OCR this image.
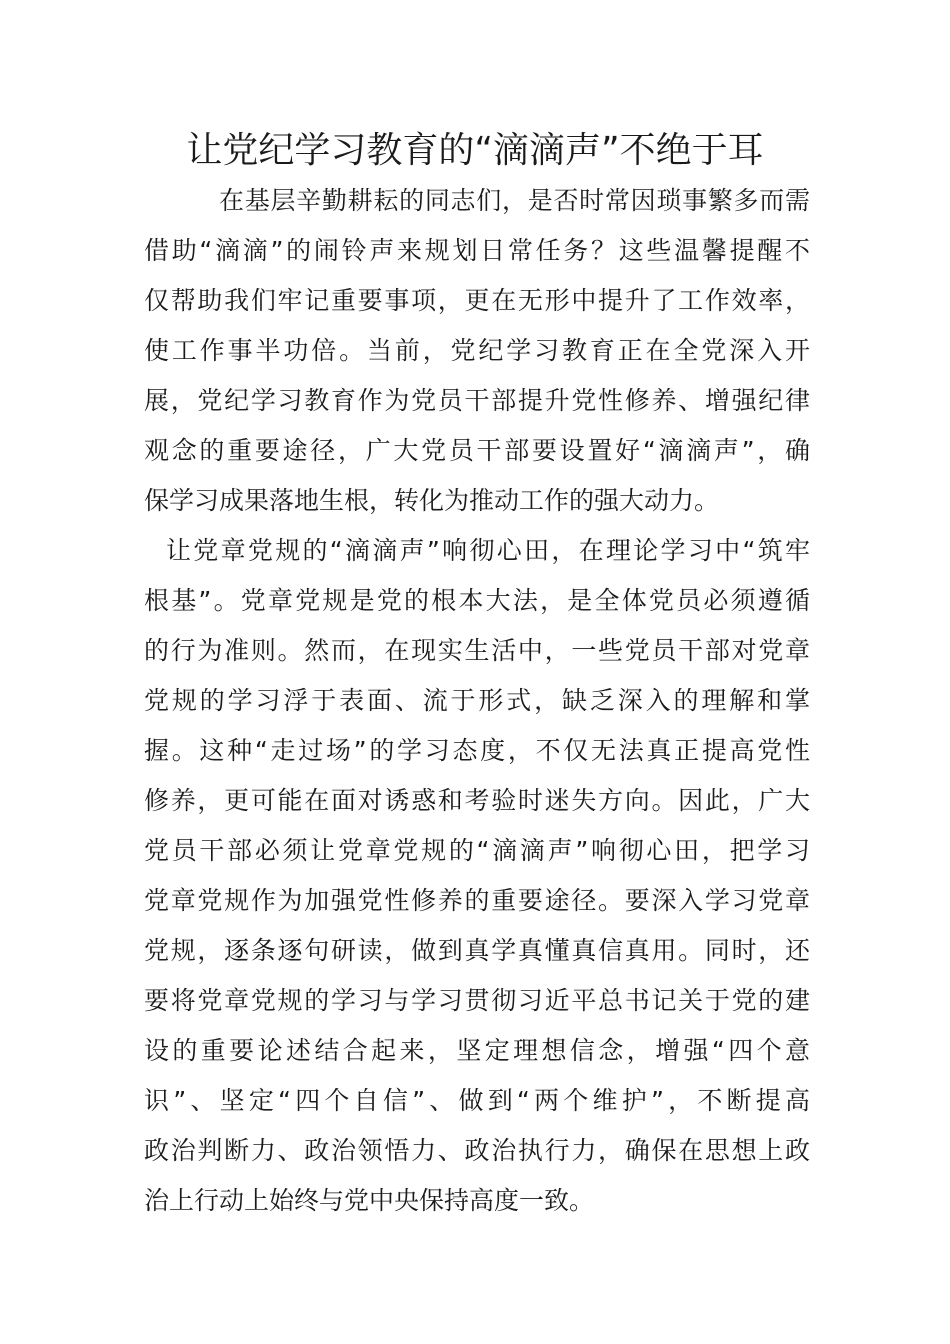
让党纪学习教育的“滴滴声”不绝于耳
在基层辛勤耕耘的同志们，是否时常因琐事繁多而需
借助“滴滴”的闹铃声来规划日常任务？这些温馨提醒不
仅帮助我们牢记重要事项，更在无形中提升了工作效率，
使工作事半功倍。当前，党纪学习教育正在全党深入开
展，党纪学习教育作为党员干部提升党性修养、增强纪律
观念的重要途径，广大党员干部要设置好“滴滴声”，确
保学习成果落地生根，转化为推动工作的强大动力。
让党章党规的“滴滴声”响彻心田，在理论学习中“筑牢
根基”。党章党规是党的根本大法，是全体党员必须遵循
的行为准则。然而，在现实生活中，一些党员干部对党章
党规的学习浮于表面、流于形式，缺乏深入的理解和掌
握。这种“走过场”的学习态度，不仅无法真正提高党性
修养，更可能在面对诱惑和考验时迷失方向。因此，广大
党员干部必须让党章党规的“滴滴声”响彻心田，把学习
党章党规作为加强党性修养的重要途径。要深入学习党章
党规，逐条逐句研读，做到真学真懂真信真用。同时，还
要将党章党规的学习与学习贯彻习近平总书记关于党的建
设的重要论述结合起来，坚定理想信念，增强“四个意
识”、坚定“四个自信”、做到“两个维护”，不断提高
政治判断力、政治领悟力、政治执行力，确保在思想上政
治上行动上始终与党中央保持高度一致。
